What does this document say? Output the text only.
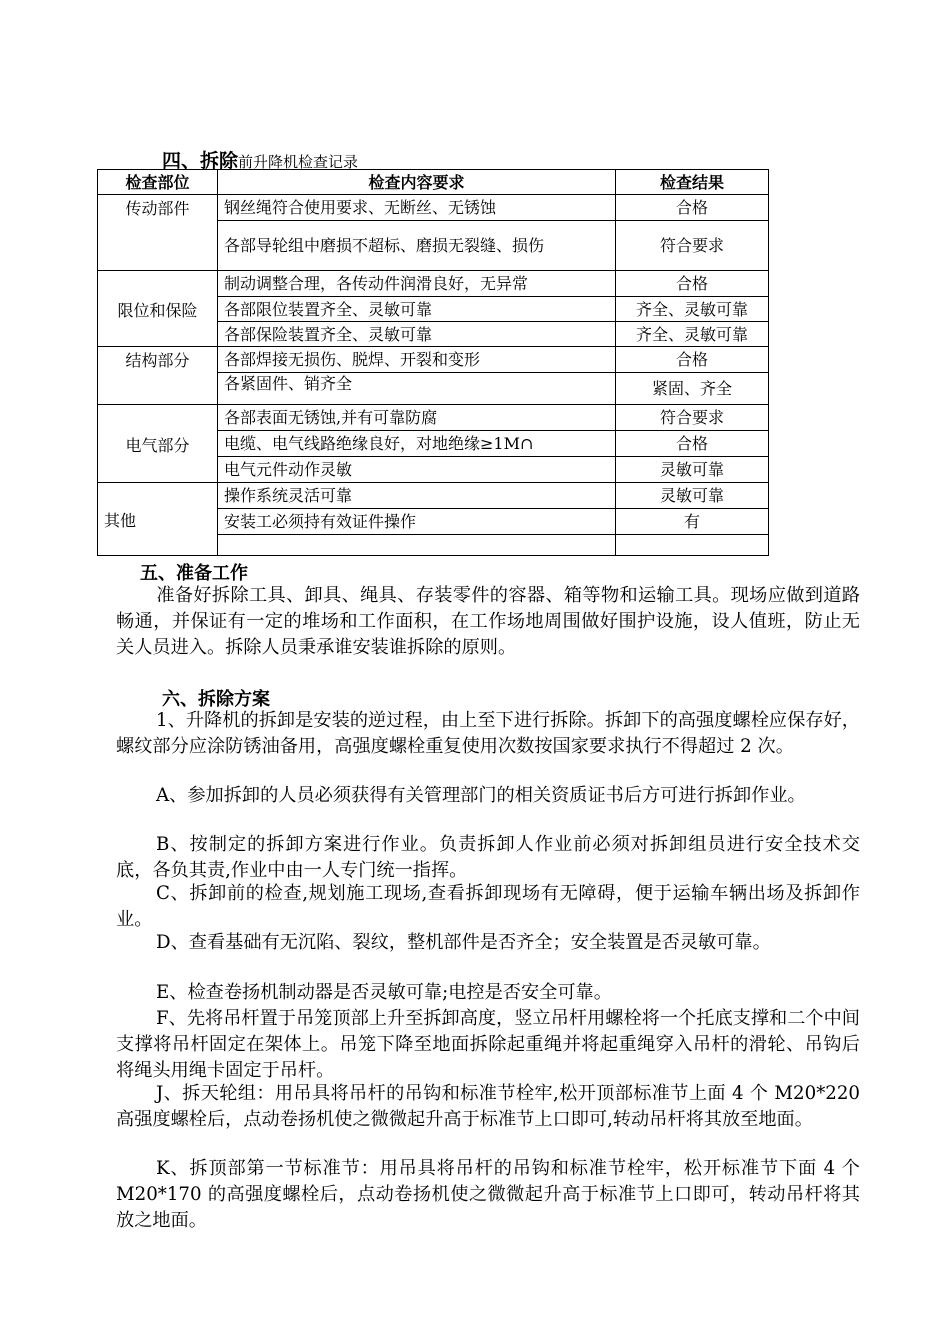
四、拆除前升降机检查记录
检查部位	检查内容要求	检查结果
传动部件	钢丝绳符合使用要求、无断丝、无锈蚀	合格
	各部导轮组中磨损不超标、磨损无裂缝、损伤	符合要求
限位和保险	制动调整合理，各传动件润滑良好，无异常	合格
	各部限位装置齐全、灵敏可靠	齐全、灵敏可靠
	各部保险装置齐全、灵敏可靠	齐全、灵敏可靠
结构部分	各部焊接无损伤、脱焊、开裂和变形	合格
	各紧固件、销齐全	紧固、齐全
电气部分	各部表面无锈蚀,并有可靠防腐	符合要求
	电缆、电气线路绝缘良好，对地绝缘≥1M∩	合格
	电气元件动作灵敏	灵敏可靠
其他	操作系统灵活可靠	灵敏可靠
	安装工必须持有效证件操作	有

五、准备工作
准备好拆除工具、卸具、绳具、存装零件的容器、箱等物和运输工具。现场应做到道路畅通，并保证有一定的堆场和工作面积，在工作场地周围做好围护设施，设人值班，防止无关人员进入。拆除人员秉承谁安装谁拆除的原则。
六、拆除方案
1、升降机的拆卸是安装的逆过程，由上至下进行拆除。拆卸下的高强度螺栓应保存好，螺纹部分应涂防锈油备用，高强度螺栓重复使用次数按国家要求执行不得超过 2 次。
A、参加拆卸的人员必须获得有关管理部门的相关资质证书后方可进行拆卸作业。
B、按制定的拆卸方案进行作业。负责拆卸人作业前必须对拆卸组员进行安全技术交底，各负其责,作业中由一人专门统一指挥。
C、拆卸前的检查,规划施工现场,查看拆卸现场有无障碍，便于运输车辆出场及拆卸作业。
D、查看基础有无沉陷、裂纹，整机部件是否齐全；安全装置是否灵敏可靠。
E、检查卷扬机制动器是否灵敏可靠;电控是否安全可靠。
F、先将吊杆置于吊笼顶部上升至拆卸高度，竖立吊杆用螺栓将一个托底支撑和二个中间支撑将吊杆固定在架体上。吊笼下降至地面拆除起重绳并将起重绳穿入吊杆的滑轮、吊钩后将绳头用绳卡固定于吊杆。
J、拆天轮组：用吊具将吊杆的吊钩和标准节栓牢,松开顶部标准节上面 4 个 M20*220 高强度螺栓后，点动卷扬机使之微微起升高于标准节上口即可,转动吊杆将其放至地面。
K、拆顶部第一节标准节：用吊具将吊杆的吊钩和标准节栓牢，松开标准节下面 4 个 M20*170 的高强度螺栓后，点动卷扬机使之微微起升高于标准节上口即可，转动吊杆将其放之地面。
